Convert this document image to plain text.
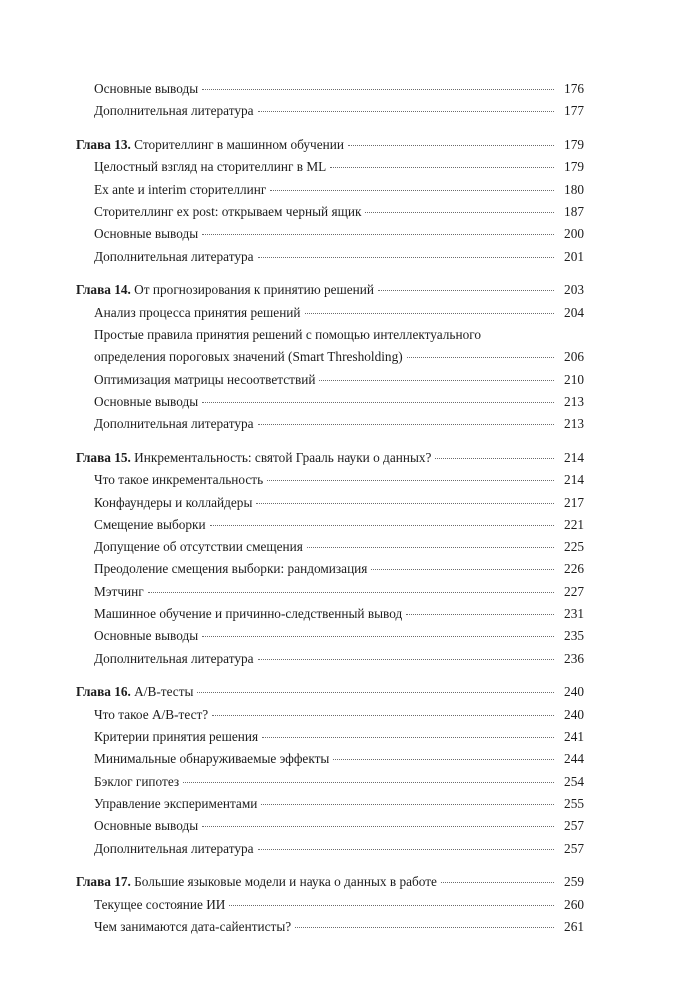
Основные выводы	176
Дополнительная литература	177
Глава 13. Сторителлинг в машинном обучении	179
Целостный взгляд на сторителлинг в ML	179
Ex ante и interim сторителлинг	180
Сторителлинг ex post: открываем черный ящик	187
Основные выводы	200
Дополнительная литература	201
Глава 14. От прогнозирования к принятию решений	203
Анализ процесса принятия решений	204
Простые правила принятия решений с помощью интеллектуального
определения пороговых значений (Smart Thresholding)	206
Оптимизация матрицы несоответствий	210
Основные выводы	213
Дополнительная литература	213
Глава 15. Инкрементальность: святой Грааль науки о данных?	214
Что такое инкрементальность	214
Конфаундеры и коллайдеры	217
Смещение выборки	221
Допущение об отсутствии смещения	225
Преодоление смещения выборки: рандомизация	226
Мэтчинг	227
Машинное обучение и причинно-следственный вывод	231
Основные выводы	235
Дополнительная литература	236
Глава 16. A/B-тесты	240
Что такое A/B-тест?	240
Критерии принятия решения	241
Минимальные обнаруживаемые эффекты	244
Бэклог гипотез	254
Управление экспериментами	255
Основные выводы	257
Дополнительная литература	257
Глава 17. Большие языковые модели и наука о данных в работе	259
Текущее состояние ИИ	260
Чем занимаются дата-сайентисты?	261
